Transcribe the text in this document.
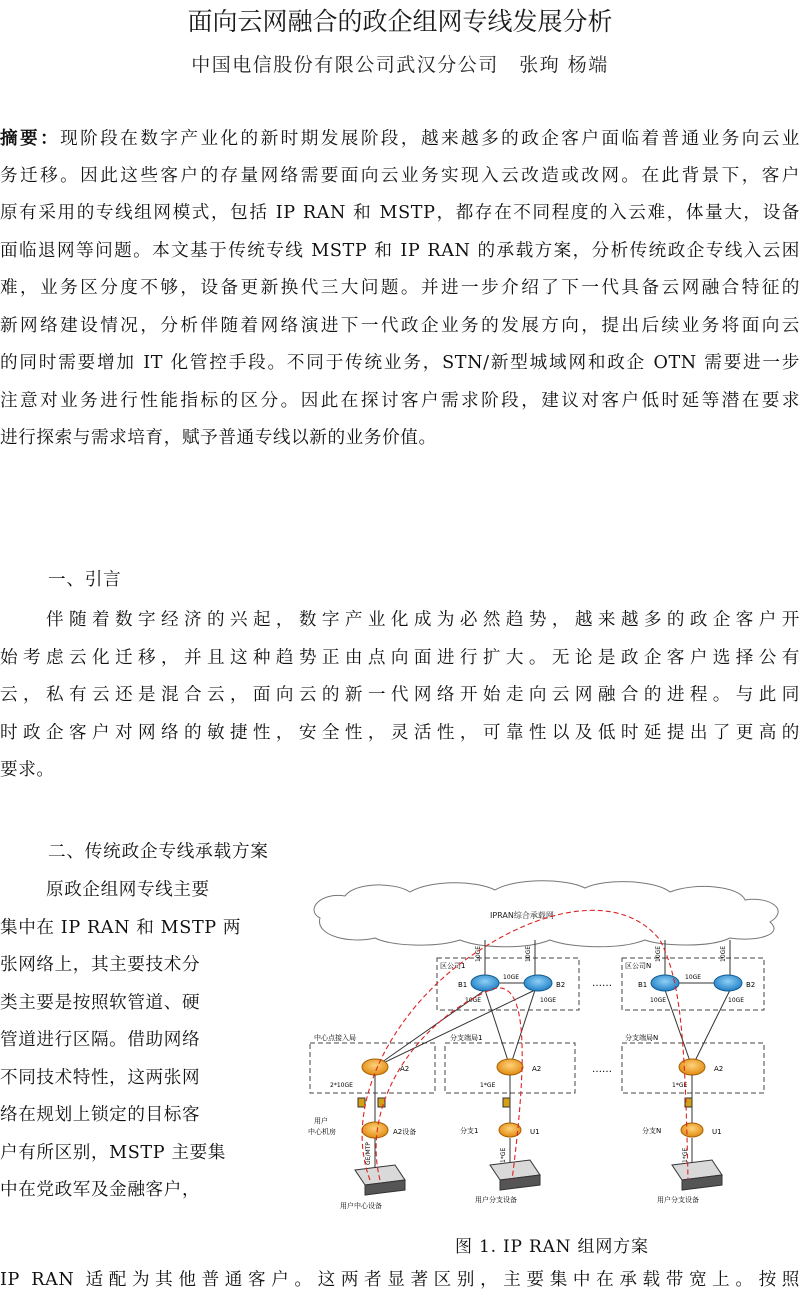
面向云网融合的政企组网专线发展分析
中国电信股份有限公司武汉分公司　张珣 杨端
摘要：现阶段在数字产业化的新时期发展阶段，越来越多的政企客户面临着普通业务向云业
务迁移。因此这些客户的存量网络需要面向云业务实现入云改造或改网。在此背景下，客户
原有采用的专线组网模式，包括 IP RAN 和 MSTP，都存在不同程度的入云难，体量大，设备
面临退网等问题。本文基于传统专线 MSTP 和 IP RAN 的承载方案，分析传统政企专线入云困
难，业务区分度不够，设备更新换代三大问题。并进一步介绍了下一代具备云网融合特征的
新网络建设情况，分析伴随着网络演进下一代政企业务的发展方向，提出后续业务将面向云
的同时需要增加 IT 化管控手段。不同于传统业务，STN/新型城域网和政企 OTN 需要进一步
注意对业务进行性能指标的区分。因此在探讨客户需求阶段，建议对客户低时延等潜在要求
进行探索与需求培育，赋予普通专线以新的业务价值。
一、引言
伴随着数字经济的兴起，数字产业化成为必然趋势，越来越多的政企客户开
始考虑云化迁移，并且这种趋势正由点向面进行扩大。无论是政企客户选择公有
云，私有云还是混合云，面向云的新一代网络开始走向云网融合的进程。与此同
时政企客户对网络的敏捷性，安全性，灵活性，可靠性以及低时延提出了更高的
要求。
二、传统政企专线承载方案
原政企组网专线主要
集中在 IP RAN 和 MSTP 两
张网络上，其主要技术分
类主要是按照软管道、硬
管道进行区隔。借助网络
不同技术特性，这两张网
络在规划上锁定的目标客
户有所区别，MSTP 主要集
中在党政军及金融客户，
IPRAN综合承载网
区公司1	区公司N
中心点接入局	分支端局1	分支端局N
10GE	10GE	10GE	10GE
10GE	10GE
10GE	10GE	10GE	10GE
B1	B2	B1	B2
……
……
A2	A2	A2
2*10GE	1*GE	1*GE
A2设备	U1	U1
用户
中心机房	分支1	分支N
GE/MTP	1*GE	1*GE
用户中心设备
用户分支设备	用户分支设备
图 1. IP RAN 组网方案
IP RAN 适配为其他普通客户。这两者显著区别，主要集中在承载带宽上。按照
